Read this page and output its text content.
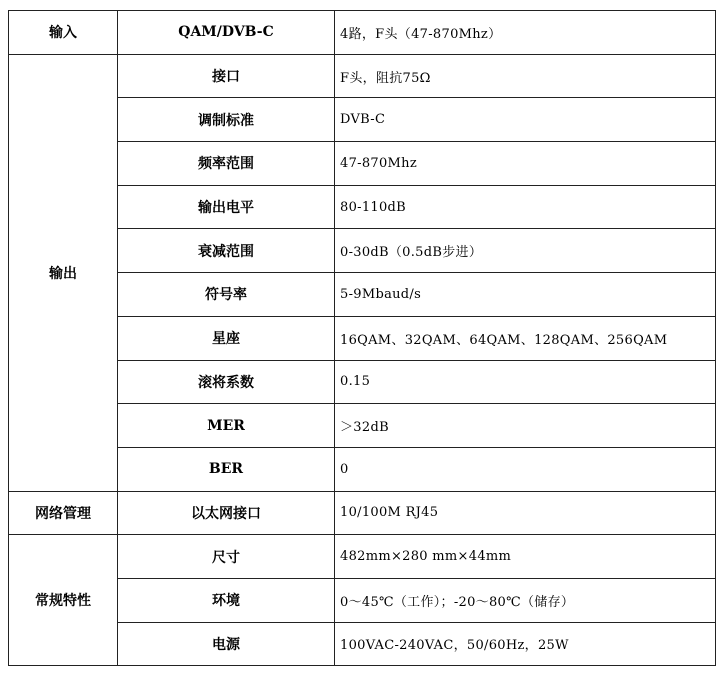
输入	QAM/DVB-C	4路，F头（47-870Mhz）
输出	接口	F头，阻抗75Ω
	调制标准	DVB-C
	频率范围	47-870Mhz
	输出电平	80-110dB
	衰减范围	0-30dB（0.5dB步进）
	符号率	5-9Mbaud/s
	星座	16QAM、32QAM、64QAM、128QAM、256QAM
	滚将系数	0.15
	MER	＞32dB
	BER	0
网络管理	以太网接口	10/100M RJ45
常规特性	尺寸	482mm×280 mm×44mm
	环境	0～45℃（工作）；-20～80℃（储存）
	电源	100VAC-240VAC，50/60Hz，25W
